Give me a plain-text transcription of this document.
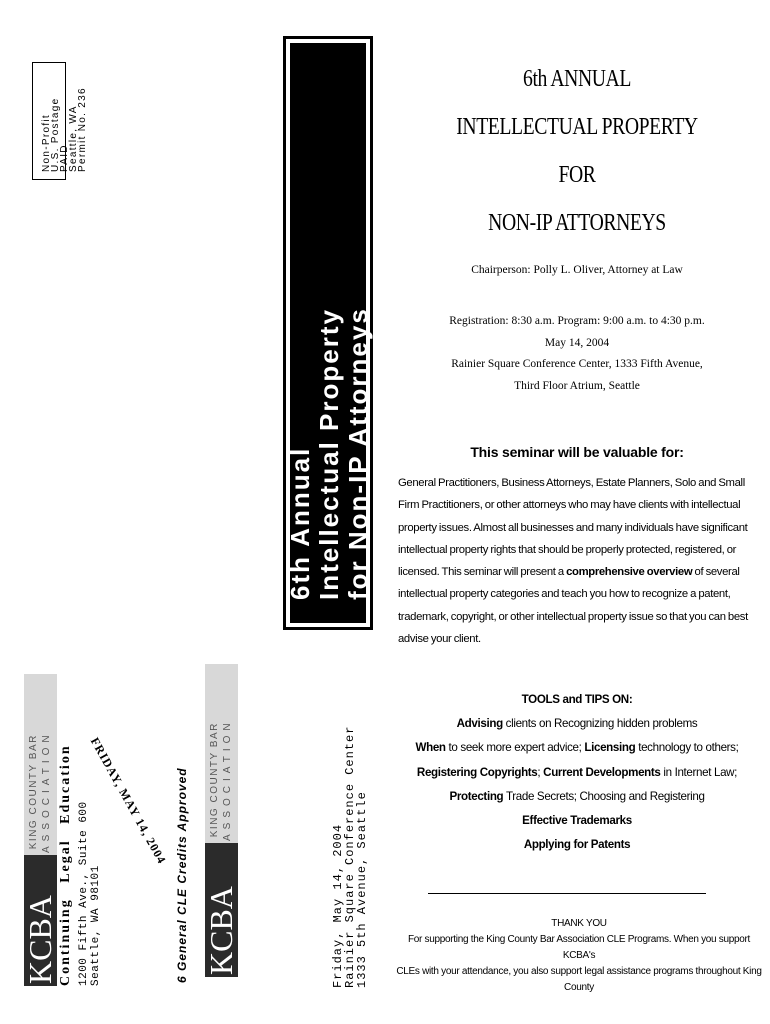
Non-Profit
U.S. Postage
PAID
Seattle, WA
Permit No. 236
6th Annual Intellectual Property for Non-IP Attorneys
KCBA
KING COUNTY BAR ASSOCIATION Continuing Legal Education 1200 Fifth Ave., Suite 600 Seattle, WA 98101
FRIDAY, MAY 14, 2004 6 General CLE Credits Approved KCBA
KING COUNTY BAR ASSOCIATION
Friday, May 14, 2004
Rainier Square Conference Center
1333 5th Avenue, Seattle
6th ANNUAL
INTELLECTUAL PROPERTY
FOR
NON-IP ATTORNEYS
Chairperson: Polly L. Oliver, Attorney at Law
Registration: 8:30 a.m. Program: 9:00 a.m. to 4:30 p.m.
May 14, 2004
Rainier Square Conference Center, 1333 Fifth Avenue,
Third Floor Atrium, Seattle
This seminar will be valuable for:
General Practitioners, Business Attorneys, Estate Planners, Solo and Small Firm Practitioners, or other attorneys who may have clients with intellectual property issues. Almost all businesses and many individuals have significant intellectual property rights that should be properly protected, registered, or licensed. This seminar will present a comprehensive overview of several intellectual property categories and teach you how to recognize a patent, trademark, copyright, or other intellectual property issue so that you can best advise your client.
TOOLS and TIPS ON:
Advising clients on Recognizing hidden problems
When to seek more expert advice; Licensing technology to others;
Registering Copyrights; Current Developments in Internet Law;
Protecting Trade Secrets; Choosing and Registering
Effective Trademarks
Applying for Patents
THANK YOU
For supporting the King County Bar Association CLE Programs. When you support KCBA's
CLEs with your attendance, you also support legal assistance programs throughout King County
